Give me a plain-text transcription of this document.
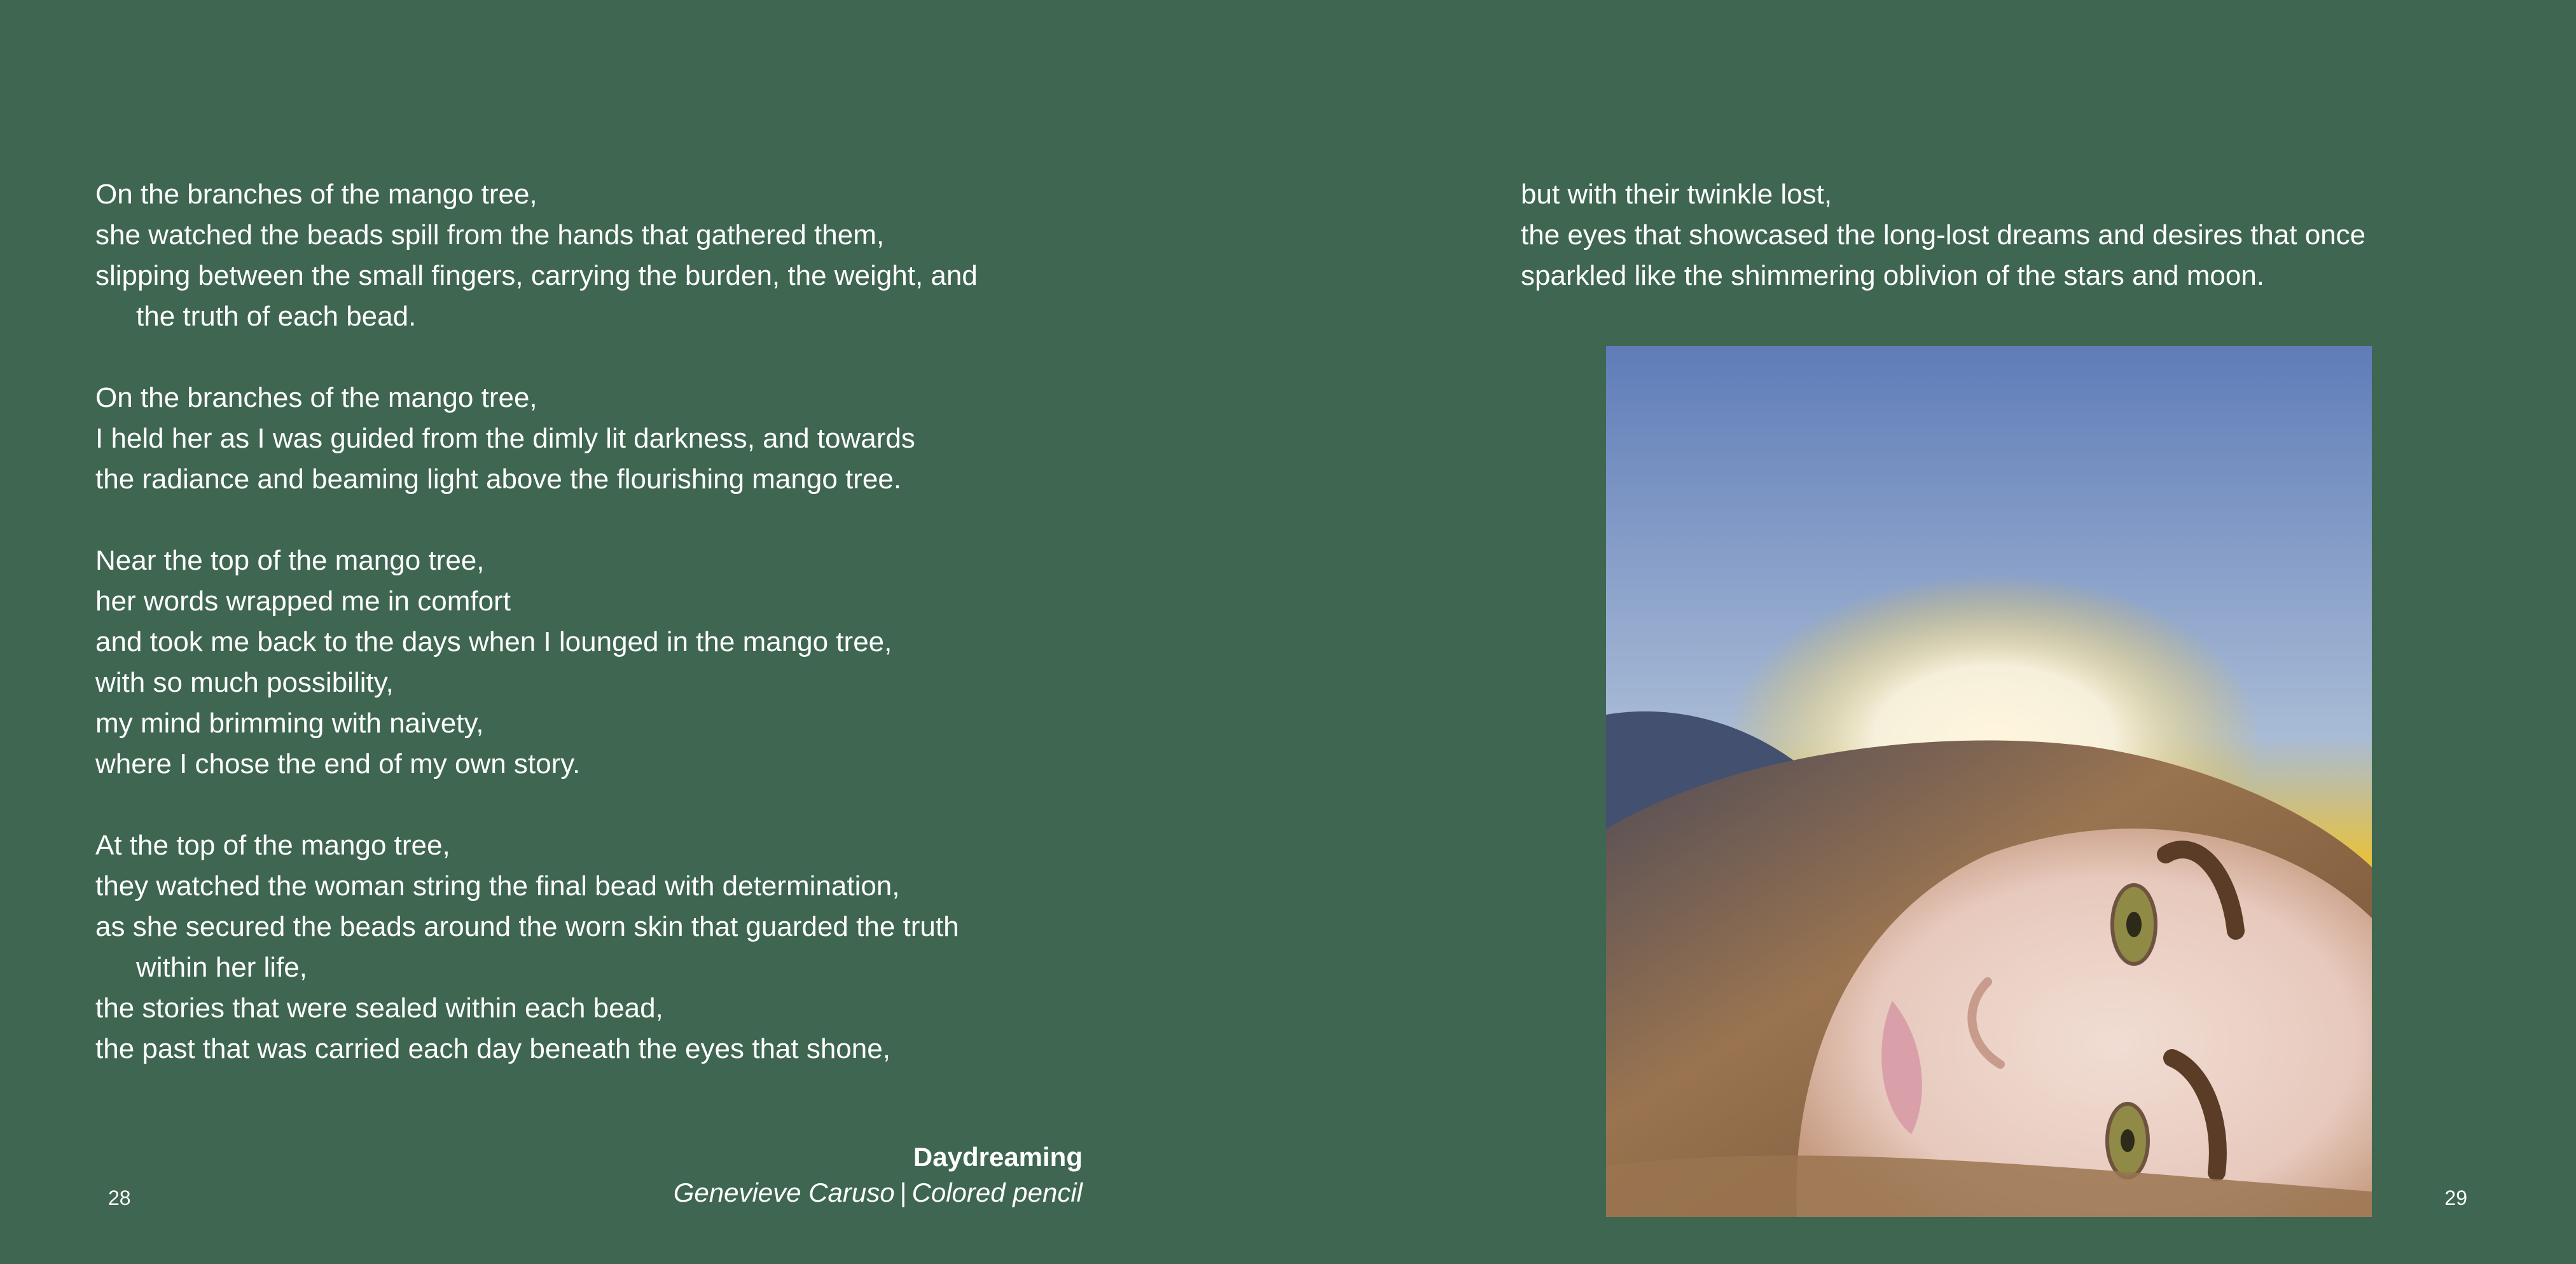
On the branches of the mango tree,
she watched the beads spill from the hands that gathered them,
slipping between the small fingers, carrying the burden, the weight, and
the truth of each bead.
On the branches of the mango tree,
I held her as I was guided from the dimly lit darkness, and towards
the radiance and beaming light above the flourishing mango tree.
Near the top of the mango tree,
her words wrapped me in comfort
and took me back to the days when I lounged in the mango tree,
with so much possibility,
my mind brimming with naivety,
where I chose the end of my own story.
At the top of the mango tree,
they watched the woman string the final bead with determination,
as she secured the beads around the worn skin that guarded the truth
within her life,
the stories that were sealed within each bead,
the past that was carried each day beneath the eyes that shone,
Daydreaming
Genevieve Caruso | Colored pencil
28
but with their twinkle lost,
the eyes that showcased the long-lost dreams and desires that once
sparkled like the shimmering oblivion of the stars and moon.
29
